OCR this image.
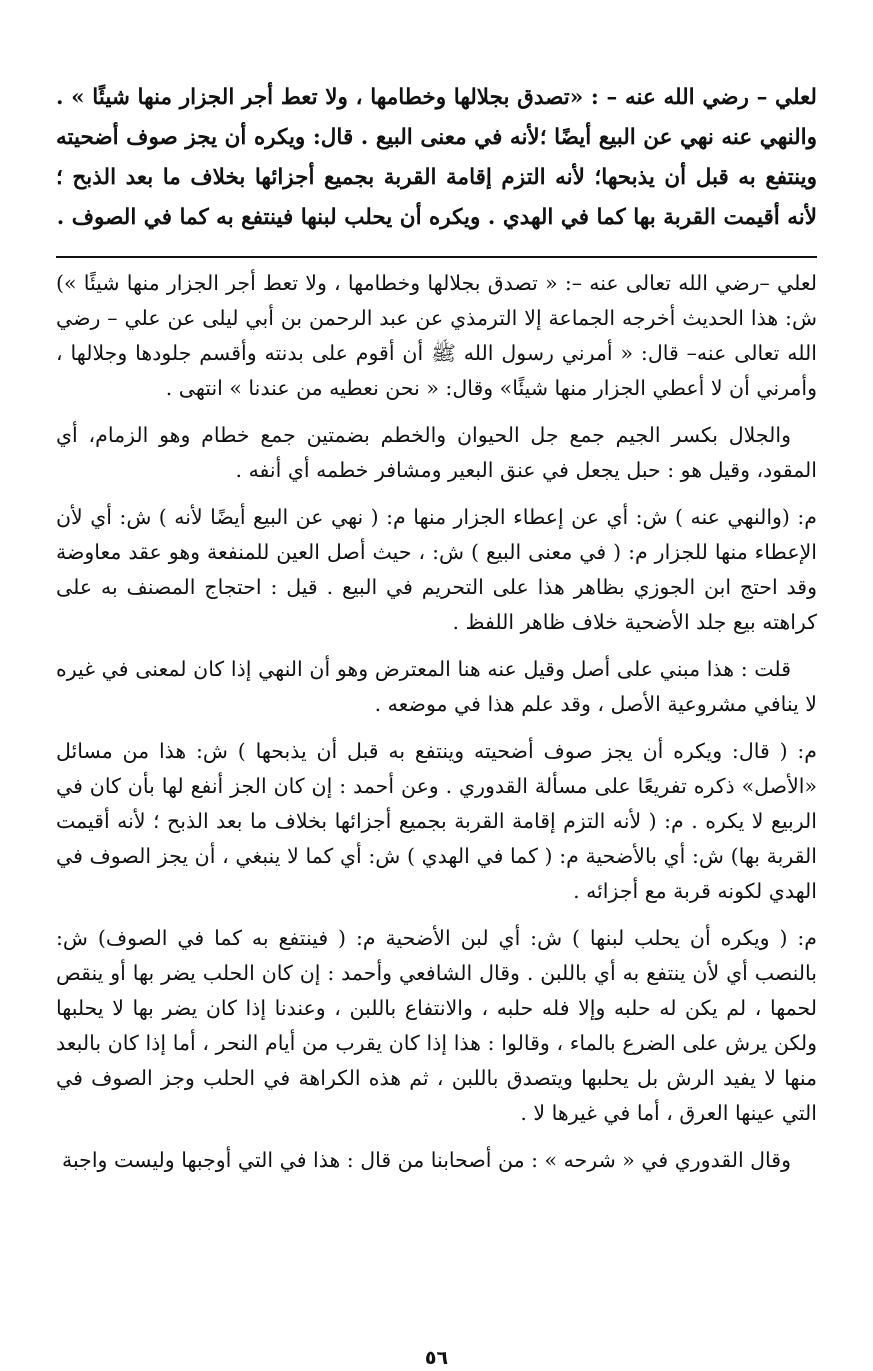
لعلي – رضي الله عنه – : «تصدق بجلالها وخطامها ، ولا تعط أجر الجزار منها شيئًا » . والنهي عنه نهي عن البيع أيضًا ؛لأنه في معنى البيع . قال: ويكره أن يجز صوف أضحيته وينتفع به قبل أن يذبحها؛ لأنه التزم إقامة القربة بجميع أجزائها بخلاف ما بعد الذبح ؛ لأنه أقيمت القربة بها كما في الهدي . ويكره أن يحلب لبنها فينتفع به كما في الصوف .

لعلي –رضي الله تعالى عنه –: « تصدق بجلالها وخطامها ، ولا تعط أجر الجزار منها شيئًا ») ش: هذا الحديث أخرجه الجماعة إلا الترمذي عن عبد الرحمن بن أبي ليلى عن علي – رضي الله تعالى عنه– قال: « أمرني رسول الله ﷺ أن أقوم على بدنته وأقسم جلودها وجلالها ، وأمرني أن لا أعطي الجزار منها شيئًا» وقال: « نحن نعطيه من عندنا » انتهى .

والجلال بكسر الجيم جمع جل الحيوان والخطم بضمتين جمع خطام وهو الزمام، أي المقود، وقيل هو : حبل يجعل في عنق البعير ومشافر خطمه أي أنفه .

م: (والنهي عنه ) ش: أي عن إعطاء الجزار منها م: ( نهي عن البيع أيضًا لأنه ) ش: أي لأن الإعطاء منها للجزار م: ( في معنى البيع ) ش: ، حيث أصل العين للمنفعة وهو عقد معاوضة وقد احتج ابن الجوزي بظاهر هذا على التحريم في البيع . قيل : احتجاج المصنف به على كراهته بيع جلد الأضحية خلاف ظاهر اللفظ .

قلت : هذا مبني على أصل وقيل عنه هنا المعترض وهو أن النهي إذا كان لمعنى في غيره لا ينافي مشروعية الأصل ، وقد علم هذا في موضعه .

م: ( قال: ويكره أن يجز صوف أضحيته وينتفع به قبل أن يذبحها ) ش: هذا من مسائل «الأصل» ذكره تفريعًا على مسألة القدوري . وعن أحمد : إن كان الجز أنفع لها بأن كان في الربيع لا يكره . م: ( لأنه التزم إقامة القربة بجميع أجزائها بخلاف ما بعد الذبح ؛ لأنه أقيمت القربة بها) ش: أي بالأضحية م: ( كما في الهدي ) ش: أي كما لا ينبغي ، أن يجز الصوف في الهدي لكونه قربة مع أجزائه .

م: ( ويكره أن يحلب لبنها ) ش: أي لبن الأضحية م: ( فينتفع به كما في الصوف) ش: بالنصب أي لأن ينتفع به أي باللبن . وقال الشافعي وأحمد : إن كان الحلب يضر بها أو ينقص لحمها ، لم يكن له حلبه وإلا فله حلبه ، والانتفاع باللبن ، وعندنا إذا كان يضر بها لا يحلبها ولكن يرش على الضرع بالماء ، وقالوا : هذا إذا كان يقرب من أيام النحر ، أما إذا كان بالبعد منها لا يفيد الرش بل يحلبها ويتصدق باللبن ، ثم هذه الكراهة في الحلب وجز الصوف في التي عينها العرق ، أما في غيرها لا .

وقال القدوري في « شرحه » : من أصحابنا من قال : هذا في التي أوجبها وليست واجبة

٥٦
